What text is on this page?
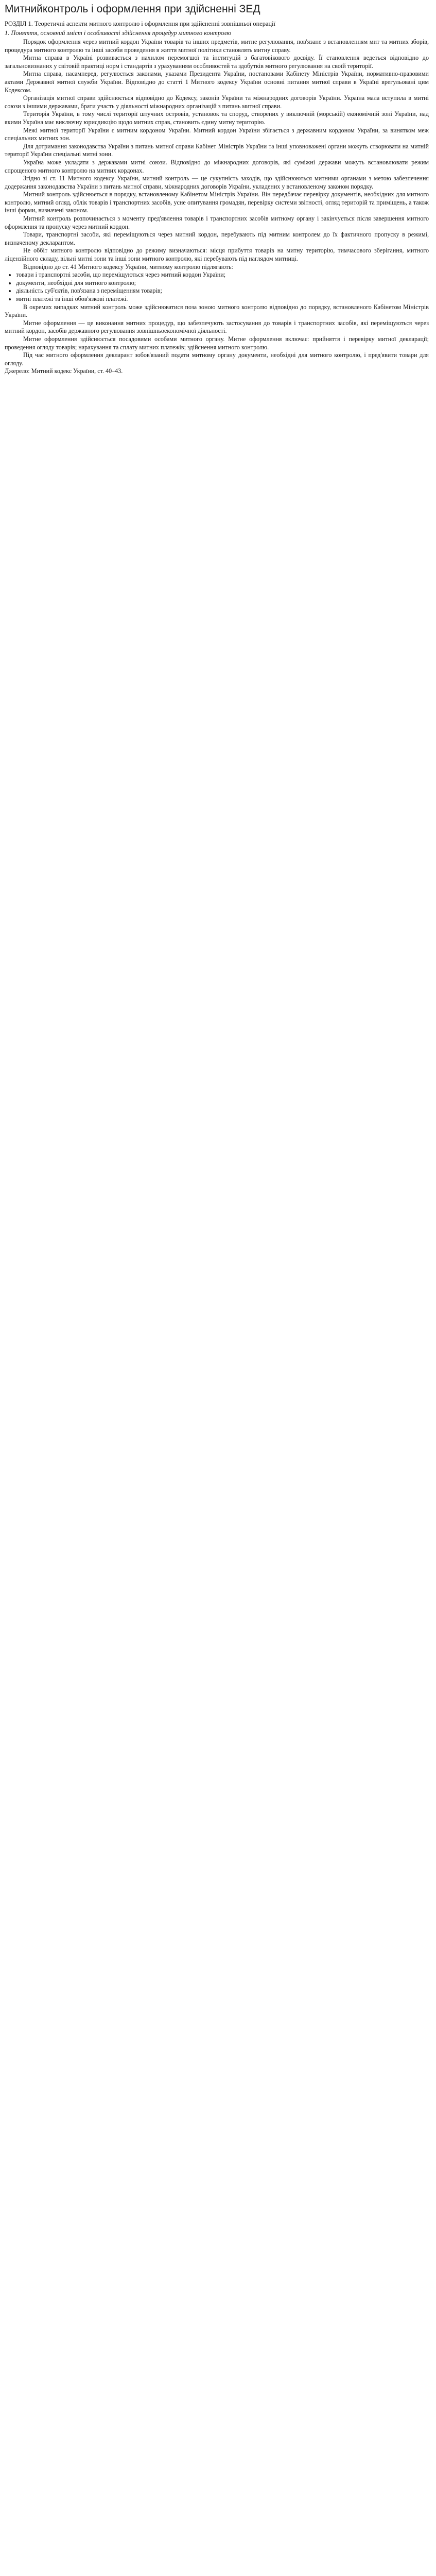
Митнийконтроль і оформлення при здійсненні ЗЕД
РОЗДІЛ 1. Теоретичні аспекти митного контролю і оформлення при здійсненні зовнішньої операції
1. Поняття, основний зміст і особливості здійснення процедур митного контролю

Порядок оформлення через митний кордон України товарів та інших предметів, митне регулювання, пов'язане з встановленням мит та митних зборів, процедура митного контролю та інші засоби проведення в життя митної політики становлять митну справу.

Митна справа в Україні розвивається з нахилом перемогшої та інституцій з багатовікового досвіду. Її становлення ведеться відповідно до загальновизнаних у світовій практиці норм і стандартів з урахуванням особливостей та здобутків митного регулювання на своїй території.

Митна справа, насамперед, регулюється законами, указами Президента України, постановами Кабінету Міністрів України, нормативно-правовими актами Державної митної служби України. Відповідно до статті 1 Митного кодексу України основні питання митної справи в Україні врегульовані цим Кодексом.

Організація митної справи здійснюється відповідно до Кодексу, законів України та міжнародних договорів України. Україна мала вступила в митні союзи з іншими державами, брати участь у діяльності міжнародних організацій з питань митної справи.

Територія України, в тому числі території штучних островів, установок та споруд, створених у виключній (морській) економічній зоні України, над якими Україна має виключну юрисдикцію щодо митних справ, становить єдину митну територію.

Межі митної території України є митним кордоном України. Митний кордон України збігається з державним кордоном України, за винятком меж спеціальних митних зон.

Для дотримання законодавства України з питань митної справи Кабінет Міністрів України та інші уповноважені органи можуть створювати на митній території України спеціальні митні зони.

Україна може укладати з державами митні союзи. Відповідно до міжнародних договорів, які суміжні держави можуть встановлювати режим спрощеного митного контролю на митних кордонах.

Згідно зі ст. 11 Митного кодексу України, митний контроль — це сукупність заходів, що здійснюються митними органами з метою забезпечення додержання законодавства України з питань митної справи, міжнародних договорів України, укладених у встановленому законом порядку.

Митний контроль здійснюється в порядку, встановленому Кабінетом Міністрів України. Він передбачає перевірку документів, необхідних для митного контролю, митний огляд, облік товарів і транспортних засобів, усне опитування громадян, перевірку системи звітності, огляд територій та приміщень, а також інші форми, визначені законом.

Митний контроль розпочинається з моменту пред'явлення товарів і транспортних засобів митному органу і закінчується після завершення митного оформлення та пропуску через митний кордон.

Товари, транспортні засоби, які переміщуються через митний кордон, перебувають під митним контролем до їх фактичного пропуску в режимі, визначеному декларантом.

Не оббіт митного контролю відповідно до режиму визначаються: місця прибуття товарів на митну територію, тимчасового зберігання, митного ліцензійного складу, вільні митні зони та інші зони митного контролю, які перебувають під наглядом митниці.

Відповідно до ст. 41 Митного кодексу України, митному контролю підлягають:

• товари і транспортні засоби, що переміщуються через митний кордон України;
• документи, необхідні для митного контролю;
• діяльність суб'єктів, пов'язана з переміщенням товарів;
• митні платежі та інші обов'язкові платежі.

В окремих випадках митний контроль може здійснюватися поза зоною митного контролю відповідно до порядку, встановленого Кабінетом Міністрів України.

Митне оформлення — це виконання митних процедур, що забезпечують застосування до товарів і транспортних засобів, які переміщуються через митний кордон, засобів державного регулювання зовнішньоекономічної діяльності.

Митне оформлення здійснюється посадовими особами митного органу. Митне оформлення включає: прийняття і перевірку митної декларації; проведення огляду товарів; нарахування та сплату митних платежів; здійснення митного контролю.

Під час митного оформлення декларант зобов'язаний подати митному органу документи, необхідні для митного контролю, і пред'явити товари для огляду.

Джерело: Митний кодекс України, ст. 40–43.
